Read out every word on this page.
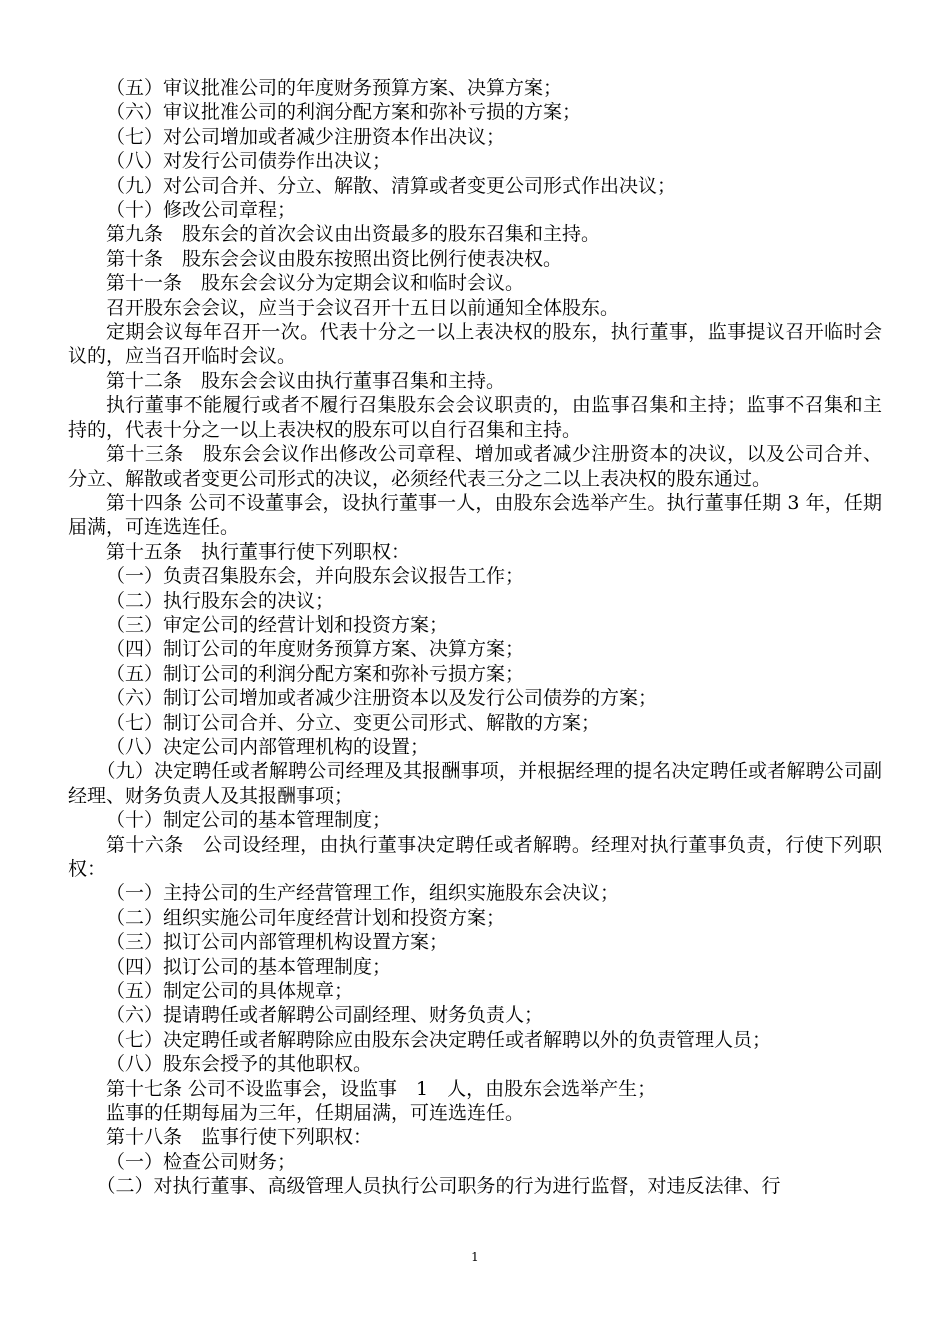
（五）审议批准公司的年度财务预算方案、决算方案；

（六）审议批准公司的利润分配方案和弥补亏损的方案；

（七）对公司增加或者减少注册资本作出决议；

（八）对发行公司债券作出决议；

（九）对公司合并、分立、解散、清算或者变更公司形式作出决议；

（十）修改公司章程；

第九条　股东会的首次会议由出资最多的股东召集和主持。

第十条　股东会会议由股东按照出资比例行使表决权。

第十一条　股东会会议分为定期会议和临时会议。

召开股东会会议，应当于会议召开十五日以前通知全体股东。

定期会议每年召开一次。代表十分之一以上表决权的股东，执行董事，监事提议召开临时会议的，应当召开临时会议。

第十二条　股东会会议由执行董事召集和主持。

执行董事不能履行或者不履行召集股东会会议职责的，由监事召集和主持；监事不召集和主持的，代表十分之一以上表决权的股东可以自行召集和主持。

第十三条　股东会会议作出修改公司章程、增加或者减少注册资本的决议，以及公司合并、分立、解散或者变更公司形式的决议，必须经代表三分之二以上表决权的股东通过。

第十四条 公司不设董事会，设执行董事一人，由股东会选举产生。执行董事任期 3 年，任期届满，可连选连任。

第十五条　执行董事行使下列职权：

（一）负责召集股东会，并向股东会议报告工作；

（二）执行股东会的决议；

（三）审定公司的经营计划和投资方案；

（四）制订公司的年度财务预算方案、决算方案；

（五）制订公司的利润分配方案和弥补亏损方案；

（六）制订公司增加或者减少注册资本以及发行公司债券的方案；

（七）制订公司合并、分立、变更公司形式、解散的方案；

（八）决定公司内部管理机构的设置；

（九）决定聘任或者解聘公司经理及其报酬事项，并根据经理的提名决定聘任或者解聘公司副经理、财务负责人及其报酬事项；

（十）制定公司的基本管理制度；

第十六条　公司设经理，由执行董事决定聘任或者解聘。经理对执行董事负责，行使下列职权：

（一）主持公司的生产经营管理工作，组织实施股东会决议；

（二）组织实施公司年度经营计划和投资方案；

（三）拟订公司内部管理机构设置方案；

（四）拟订公司的基本管理制度；

（五）制定公司的具体规章；

（六）提请聘任或者解聘公司副经理、财务负责人；

（七）决定聘任或者解聘除应由股东会决定聘任或者解聘以外的负责管理人员；

（八）股东会授予的其他职权。

第十七条 公司不设监事会，设监事　1　人，由股东会选举产生；

监事的任期每届为三年，任期届满，可连选连任。

第十八条　监事行使下列职权：

（一）检查公司财务；

（二）对执行董事、高级管理人员执行公司职务的行为进行监督，对违反法律、行

1
